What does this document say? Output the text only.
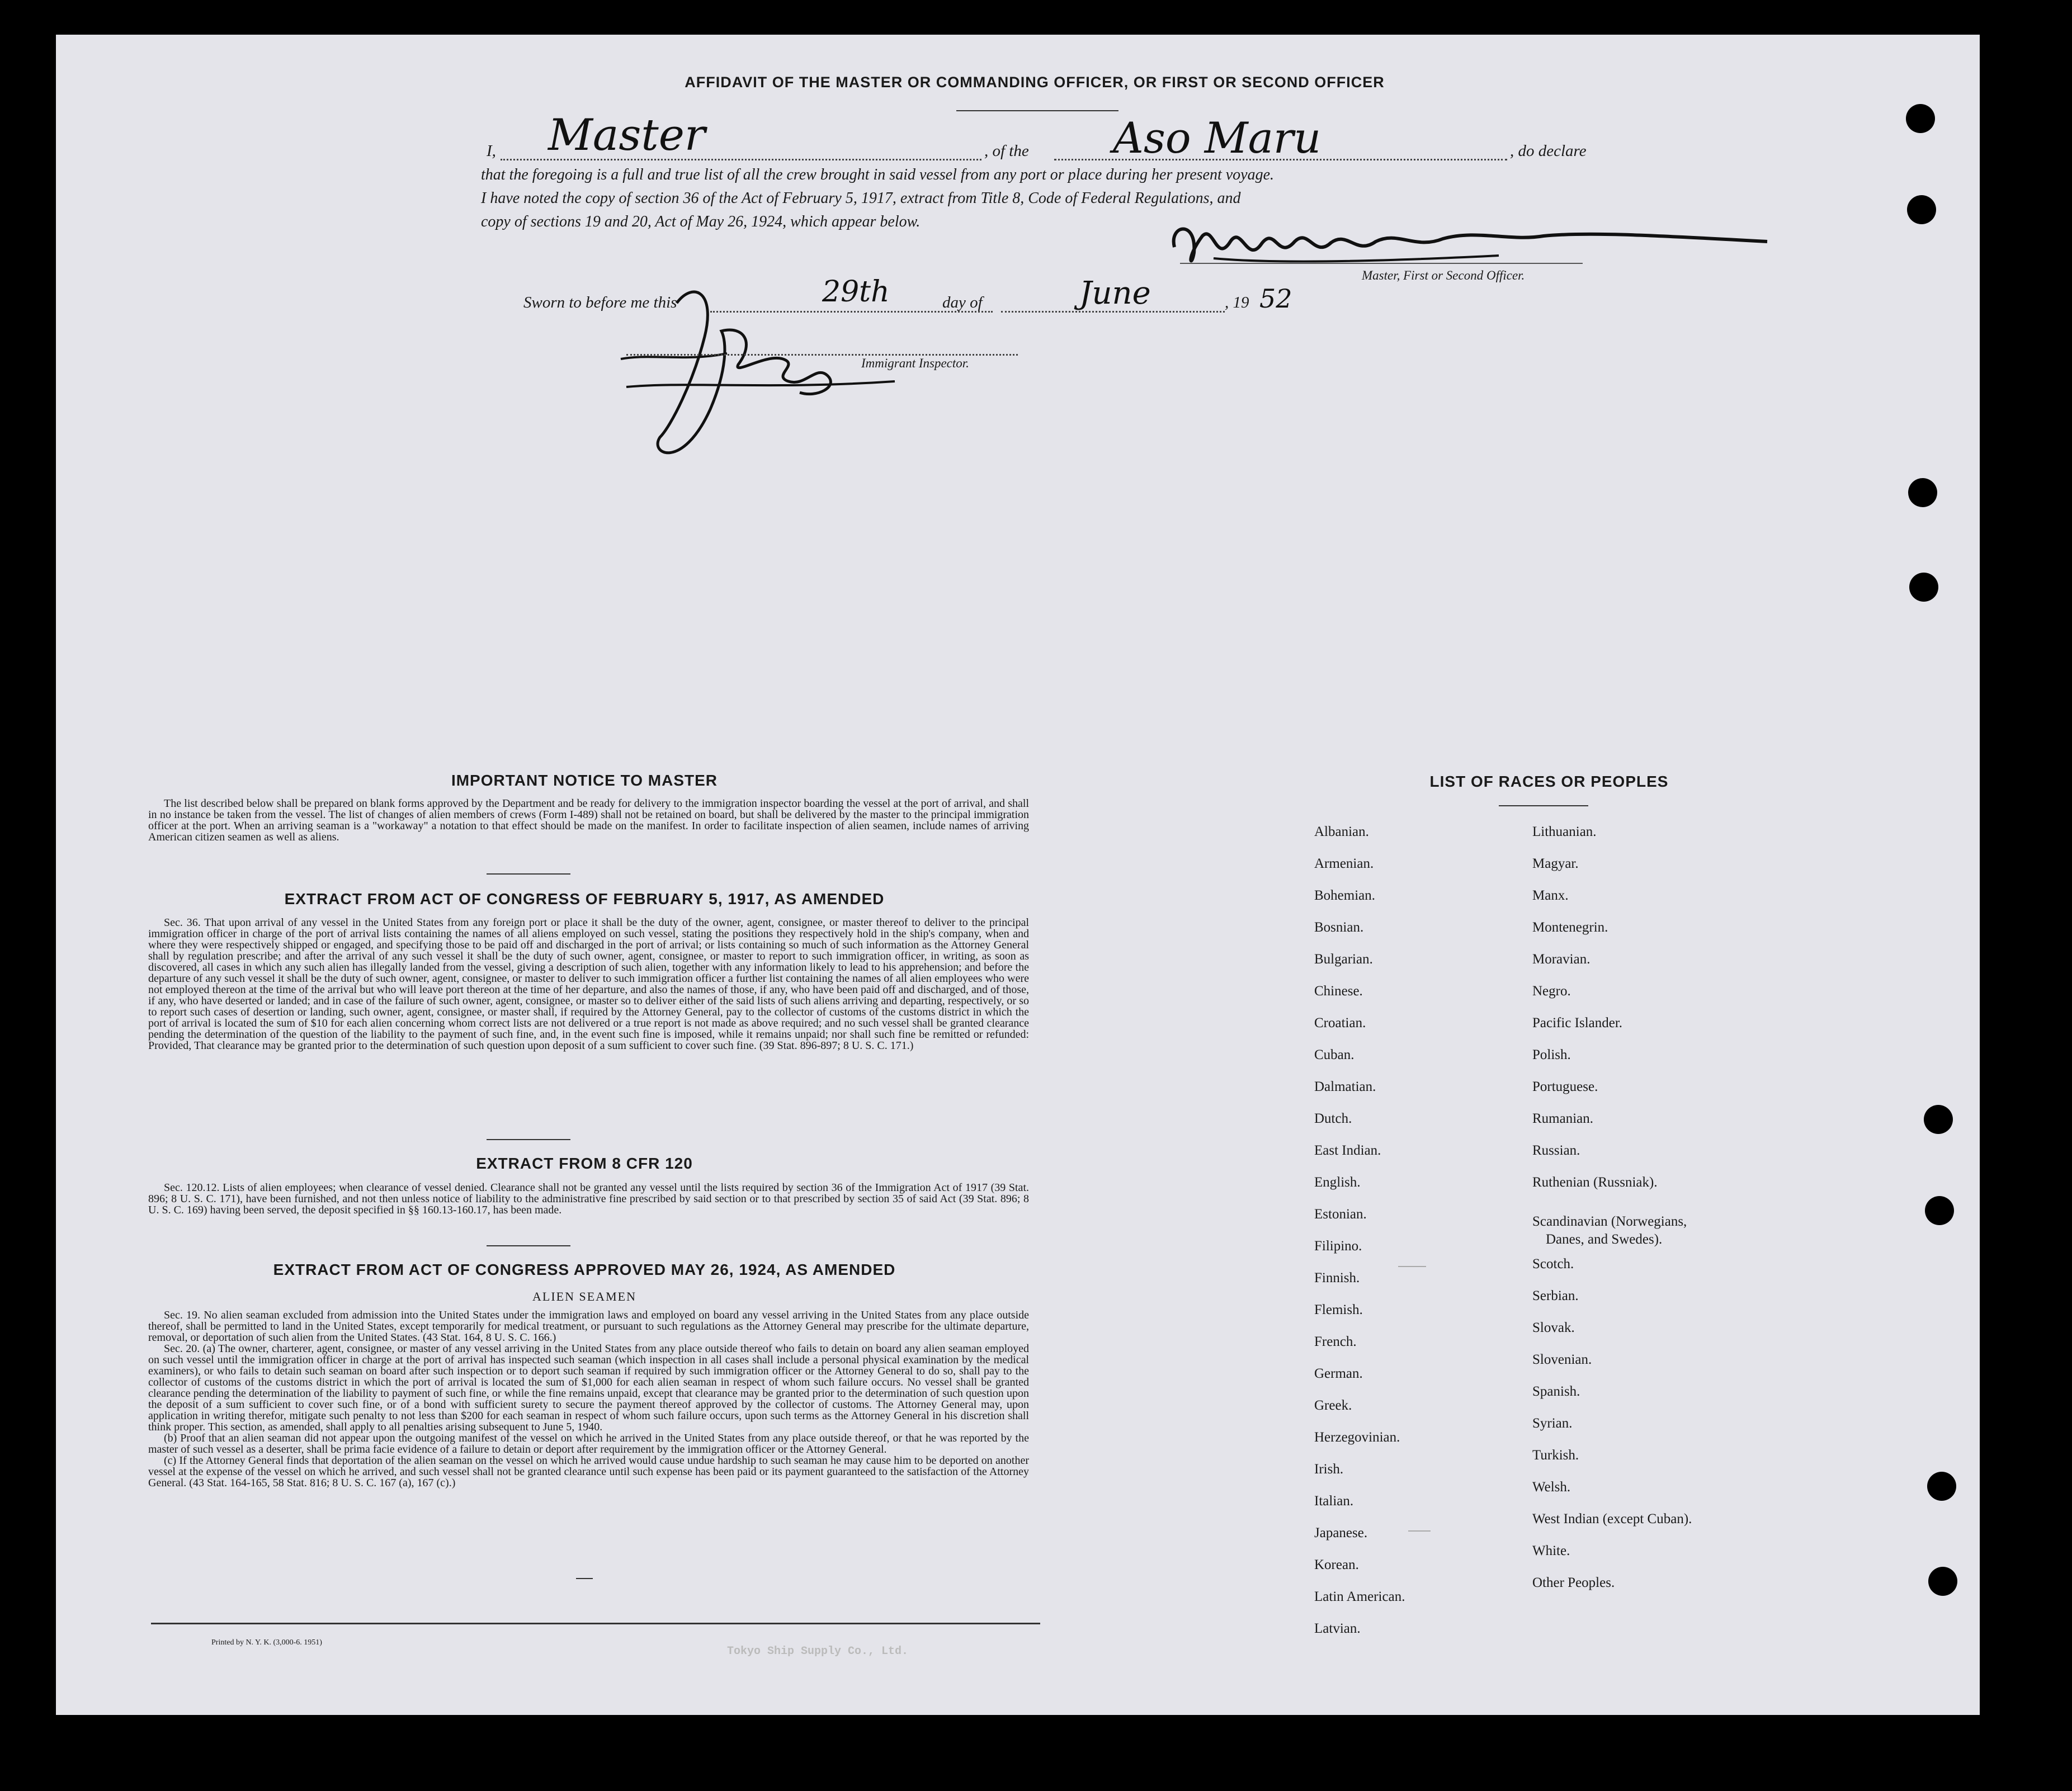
AFFIDAVIT OF THE MASTER OR COMMANDING OFFICER, OR FIRST OR SECOND OFFICER
I, Master	, of the Aso Maru	, do declare
that the foregoing is a full and true list of all the crew brought in said vessel from any port or place during her present voyage.
I have noted the copy of section 36 of the Act of February 5, 1917, extract from Title 8, Code of Federal Regulations, and
copy of sections 19 and 20, Act of May 26, 1924, which appear below.
Master, First or Second Officer.
Sworn to before me this	29th	day of	June	, 19 52
Immigrant Inspector.
IMPORTANT NOTICE TO MASTER

The list described below shall be prepared on blank forms approved by the Department and be ready for delivery to the immigration inspector boarding the vessel at the port of arrival, and shall in no instance be taken from the vessel. The list of changes of alien members of crews (Form I-489) shall not be retained on board, but shall be delivered by the master to the principal immigration officer at the port. When an arriving seaman is a "workaway" a notation to that effect should be made on the manifest. In order to facilitate inspection of alien seamen, include names of arriving American citizen seamen as well as aliens.

EXTRACT FROM ACT OF CONGRESS OF FEBRUARY 5, 1917, AS AMENDED

Sec. 36. That upon arrival of any vessel in the United States from any foreign port or place it shall be the duty of the owner, agent, consignee, or master thereof to deliver to the principal immigration officer in charge of the port of arrival lists containing the names of all aliens employed on such vessel, stating the positions they respectively hold in the ship's company, when and where they were respectively shipped or engaged, and specifying those to be paid off and discharged in the port of arrival; or lists containing so much of such information as the Attorney General shall by regulation prescribe; and after the arrival of any such vessel it shall be the duty of such owner, agent, consignee, or master to report to such immigration officer, in writing, as soon as discovered, all cases in which any such alien has illegally landed from the vessel, giving a description of such alien, together with any information likely to lead to his apprehension; and before the departure of any such vessel it shall be the duty of such owner, agent, consignee, or master to deliver to such immigration officer a further list containing the names of all alien employees who were not employed thereon at the time of the arrival but who will leave port thereon at the time of her departure, and also the names of those, if any, who have been paid off and discharged, and of those, if any, who have deserted or landed; and in case of the failure of such owner, agent, consignee, or master so to deliver either of the said lists of such aliens arriving and departing, respectively, or so to report such cases of desertion or landing, such owner, agent, consignee, or master shall, if required by the Attorney General, pay to the collector of customs of the customs district in which the port of arrival is located the sum of $10 for each alien concerning whom correct lists are not delivered or a true report is not made as above required; and no such vessel shall be granted clearance pending the determination of the question of the liability to the payment of such fine, and, in the event such fine is imposed, while it remains unpaid; nor shall such fine be remitted or refunded: Provided, That clearance may be granted prior to the determination of such question upon deposit of a sum sufficient to cover such fine. (39 Stat. 896-897; 8 U. S. C. 171.)

EXTRACT FROM 8 CFR 120

Sec. 120.12. Lists of alien employees; when clearance of vessel denied. Clearance shall not be granted any vessel until the lists required by section 36 of the Immigration Act of 1917 (39 Stat. 896; 8 U. S. C. 171), have been furnished, and not then unless notice of liability to the administrative fine prescribed by said section or to that prescribed by section 35 of said Act (39 Stat. 896; 8 U. S. C. 169) having been served, the deposit specified in §§ 160.13-160.17, has been made.

EXTRACT FROM ACT OF CONGRESS APPROVED MAY 26, 1924, AS AMENDED
ALIEN SEAMEN

Sec. 19. No alien seaman excluded from admission into the United States under the immigration laws and employed on board any vessel arriving in the United States from any place outside thereof, shall be permitted to land in the United States, except temporarily for medical treatment, or pursuant to such regulations as the Attorney General may prescribe for the ultimate departure, removal, or deportation of such alien from the United States. (43 Stat. 164, 8 U. S. C. 166.)

Sec. 20. (a) The owner, charterer, agent, consignee, or master of any vessel arriving in the United States from any place outside thereof who fails to detain on board any alien seaman employed on such vessel until the immigration officer in charge at the port of arrival has inspected such seaman (which inspection in all cases shall include a personal physical examination by the medical examiners), or who fails to detain such seaman on board after such inspection or to deport such seaman if required by such immigration officer or the Attorney General to do so, shall pay to the collector of customs of the customs district in which the port of arrival is located the sum of $1,000 for each alien seaman in respect of whom such failure occurs. No vessel shall be granted clearance pending the determination of the liability to payment of such fine, or while the fine remains unpaid, except that clearance may be granted prior to the determination of such question upon the deposit of a sum sufficient to cover such fine, or of a bond with sufficient surety to secure the payment thereof approved by the collector of customs. The Attorney General may, upon application in writing therefor, mitigate such penalty to not less than $200 for each seaman in respect of whom such failure occurs, upon such terms as the Attorney General in his discretion shall think proper. This section, as amended, shall apply to all penalties arising subsequent to June 5, 1940.

(b) Proof that an alien seaman did not appear upon the outgoing manifest of the vessel on which he arrived in the United States from any place outside thereof, or that he was reported by the master of such vessel as a deserter, shall be prima facie evidence of a failure to detain or deport after requirement by the immigration officer or the Attorney General.

(c) If the Attorney General finds that deportation of the alien seaman on the vessel on which he arrived would cause undue hardship to such seaman he may cause him to be deported on another vessel at the expense of the vessel on which he arrived, and such vessel shall not be granted clearance until such expense has been paid or its payment guaranteed to the satisfaction of the Attorney General. (43 Stat. 164-165, 58 Stat. 816; 8 U. S. C. 167 (a), 167 (c).)

Printed by N. Y. K. (3,000-6. 1951)
Tokyo Ship Supply Co., Ltd.
LIST OF RACES OR PEOPLES
Albanian.
Armenian.
Bohemian.
Bosnian.
Bulgarian.
Chinese.
Croatian.
Cuban.
Dalmatian.
Dutch.
East Indian.
English.
Estonian.
Filipino.
Finnish.
Flemish.
French.
German.
Greek.
Herzegovinian.
Irish.
Italian.
Japanese.
Korean.
Latin American.
Latvian.
Lithuanian.
Magyar.
Manx.
Montenegrin.
Moravian.
Negro.
Pacific Islander.
Polish.
Portuguese.
Rumanian.
Russian.
Ruthenian (Russniak).
Scandinavian (Norwegians,
Danes, and Swedes).
Scotch.
Serbian.
Slovak.
Slovenian.
Spanish.
Syrian.
Turkish.
Welsh.
West Indian (except Cuban).
White.
Other Peoples.
